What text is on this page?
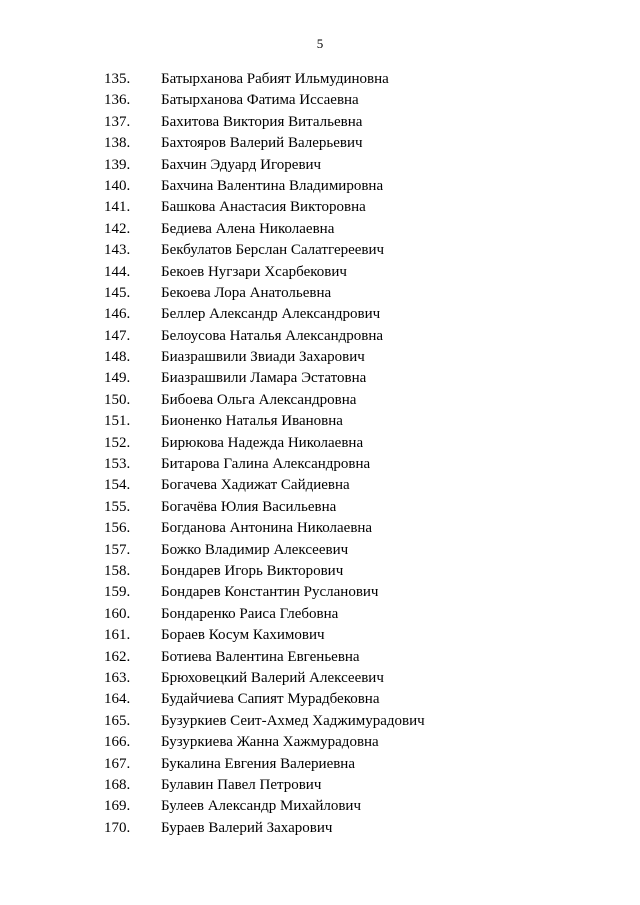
5
135.	Батырханова Рабият Ильмудиновна
136.	Батырханова Фатима Иссаевна
137.	Бахитова Виктория Витальевна
138.	Бахтояров Валерий Валерьевич
139.	Бахчин Эдуард Игоревич
140.	Бахчина Валентина Владимировна
141.	Башкова Анастасия Викторовна
142.	Бедиева Алена Николаевна
143.	Бекбулатов Берслан Салатгереевич
144.	Бекоев Нугзари Хсарбекович
145.	Бекоева Лора Анатольевна
146.	Беллер Александр Александрович
147.	Белоусова Наталья Александровна
148.	Биазрашвили Звиади Захарович
149.	Биазрашвили Ламара Эстатовна
150.	Бибоева Ольга Александровна
151.	Бионенко Наталья Ивановна
152.	Бирюкова Надежда Николаевна
153.	Битарова Галина Александровна
154.	Богачева Хадижат Сайдиевна
155.	Богачёва Юлия Васильевна
156.	Богданова Антонина Николаевна
157.	Божко Владимир Алексеевич
158.	Бондарев Игорь Викторович
159.	Бондарев Константин Русланович
160.	Бондаренко Раиса Глебовна
161.	Бораев Косум Кахимович
162.	Ботиева Валентина Евгеньевна
163.	Брюховецкий Валерий Алексеевич
164.	Будайчиева Сапият Мурадбековна
165.	Бузуркиев Сеит-Ахмед Хаджимурадович
166.	Бузуркиева Жанна Хажмурадовна
167.	Букалина Евгения Валериевна
168.	Булавин Павел Петрович
169.	Булеев Александр Михайлович
170.	Бураев Валерий Захарович
